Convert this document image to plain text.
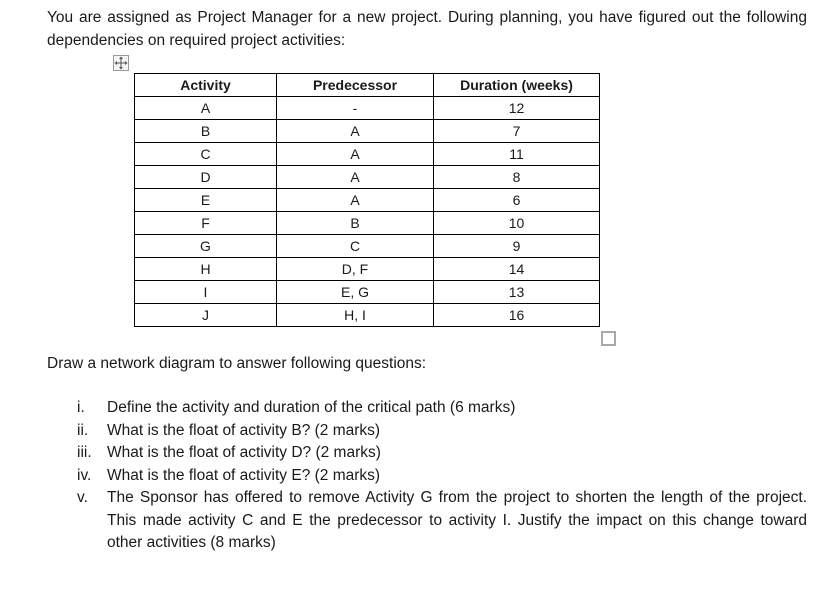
You are assigned as Project Manager for a new project. During planning, you have figured out the following dependencies on required project activities:

Activity	Predecessor	Duration (weeks)
A	-	12
B	A	7
C	A	11
D	A	8
E	A	6
F	B	10
G	C	9
H	D, F	14
I	E, G	13
J	H, I	16

Draw a network diagram to answer following questions:

i.	Define the activity and duration of the critical path (6 marks)
ii.	What is the float of activity B? (2 marks)
iii. What is the float of activity D? (2 marks)
iv.	What is the float of activity E? (2 marks)
v.	The Sponsor has offered to remove Activity G from the project to shorten the length of the project. This made activity C and E the predecessor to activity I. Justify the impact on this change toward other activities (8 marks)
